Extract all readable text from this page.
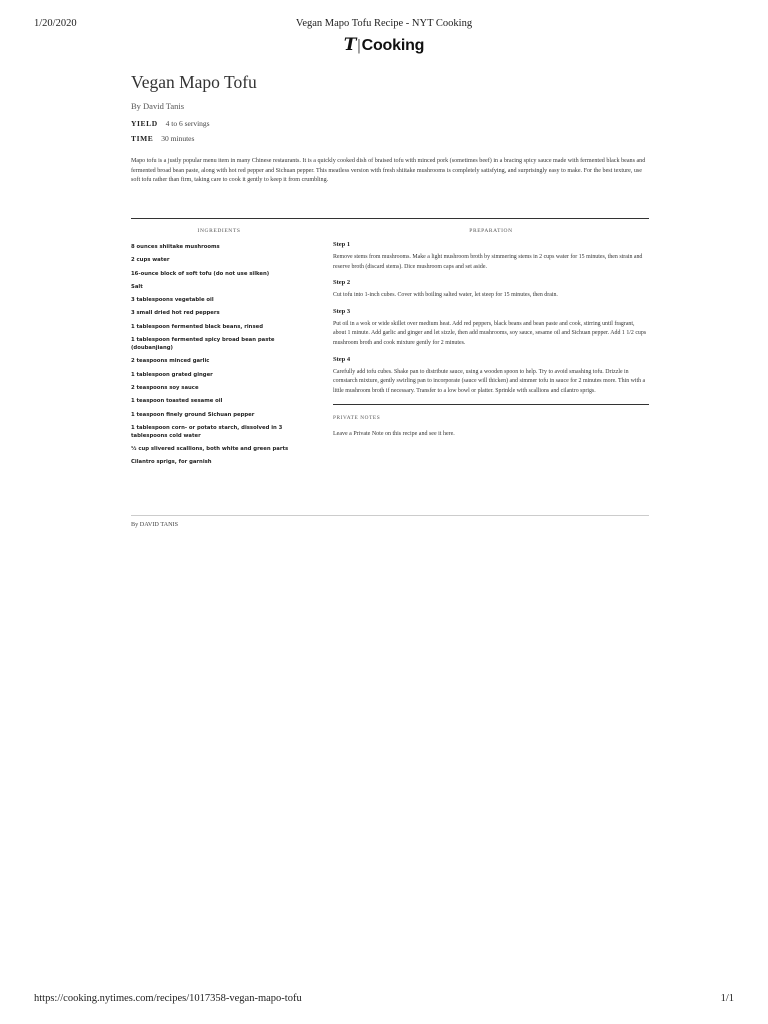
1/20/2020	Vegan Mapo Tofu Recipe - NYT Cooking
T|Cooking
Vegan Mapo Tofu
By David Tanis
YIELD 4 to 6 servings
TIME 30 minutes

Mapo tofu is a justly popular menu item in many Chinese restaurants. It is a quickly cooked dish of braised tofu with minced pork (sometimes beef) in a bracing spicy sauce made with fermented black beans and fermented broad bean paste, along with hot red pepper and Sichuan pepper. This meatless version with fresh shiitake mushrooms is completely satisfying, and surprisingly easy to make. For the best texture, use soft tofu rather than firm, taking care to cook it gently to keep it from crumbling.

INGREDIENTS
8 ounces shiitake mushrooms
2 cups water
16-ounce block of soft tofu (do not use silken)
Salt
3 tablespoons vegetable oil
3 small dried hot red peppers
1 tablespoon fermented black beans, rinsed
1 tablespoon fermented spicy broad bean paste (doubanjiang)
2 teaspoons minced garlic
1 tablespoon grated ginger
2 teaspoons soy sauce
1 teaspoon toasted sesame oil
1 teaspoon finely ground Sichuan pepper
1 tablespoon corn- or potato starch, dissolved in 3 tablespoons cold water
½ cup slivered scallions, both white and green parts
Cilantro sprigs, for garnish
PREPARATION
Step 1

Remove stems from mushrooms. Make a light mushroom broth by simmering stems in 2 cups water for 15 minutes, then strain and reserve broth (discard stems). Dice mushroom caps and set aside.

Step 2

Cut tofu into 1-inch cubes. Cover with boiling salted water, let steep for 15 minutes, then drain.

Step 3

Put oil in a wok or wide skillet over medium heat. Add red peppers, black beans and bean paste and cook, stirring until fragrant, about 1 minute. Add garlic and ginger and let sizzle, then add mushrooms, soy sauce, sesame oil and Sichuan pepper. Add 1 1/2 cups mushroom broth and cook mixture gently for 2 minutes.

Step 4

Carefully add tofu cubes. Shake pan to distribute sauce, using a wooden spoon to help. Try to avoid smashing tofu. Drizzle in cornstarch mixture, gently swirling pan to incorporate (sauce will thicken) and simmer tofu in sauce for 2 minutes more. Thin with a little mushroom broth if necessary. Transfer to a low bowl or platter. Sprinkle with scallions and cilantro sprigs.

PRIVATE NOTES

Leave a Private Note on this recipe and see it here.

By DAVID TANIS
https://cooking.nytimes.com/recipes/1017358-vegan-mapo-tofu	1/1
